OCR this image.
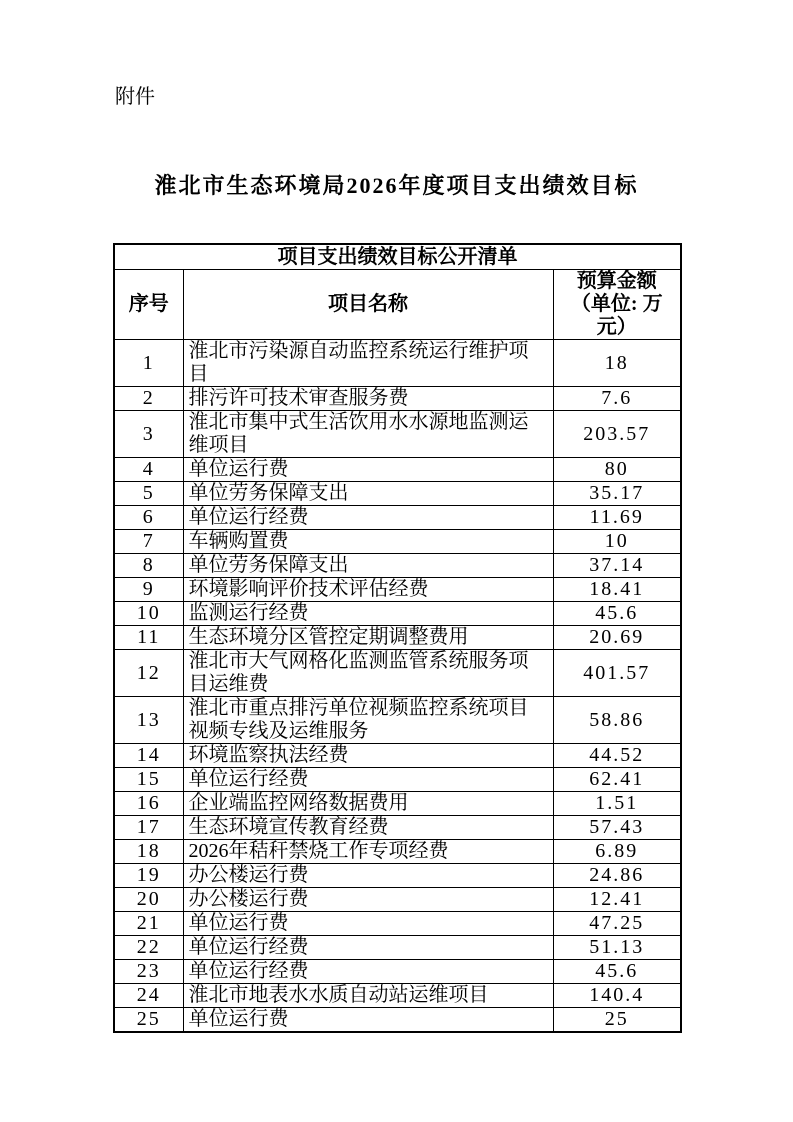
附件
淮北市生态环境局2026年度项目支出绩效目标
项目支出绩效目标公开清单		
序号	项目名称	预算金额（单位: 万元）
1	淮北市污染源自动监控系统运行维护项目	18
2	排污许可技术审查服务费	7.6
3	淮北市集中式生活饮用水水源地监测运维项目	203.57
4	单位运行费	80
5	单位劳务保障支出	35.17
6	单位运行经费	11.69
7	车辆购置费	10
8	单位劳务保障支出	37.14
9	环境影响评价技术评估经费	18.41
10	监测运行经费	45.6
11	生态环境分区管控定期调整费用	20.69
12	淮北市大气网格化监测监管系统服务项目运维费	401.57
13	淮北市重点排污单位视频监控系统项目视频专线及运维服务	58.86
14	环境监察执法经费	44.52
15	单位运行经费	62.41
16	企业端监控网络数据费用	1.51
17	生态环境宣传教育经费	57.43
18	2026年秸秆禁烧工作专项经费	6.89
19	办公楼运行费	24.86
20	办公楼运行费	12.41
21	单位运行费	47.25
22	单位运行经费	51.13
23	单位运行经费	45.6
24	淮北市地表水水质自动站运维项目	140.4
25	单位运行费	25
